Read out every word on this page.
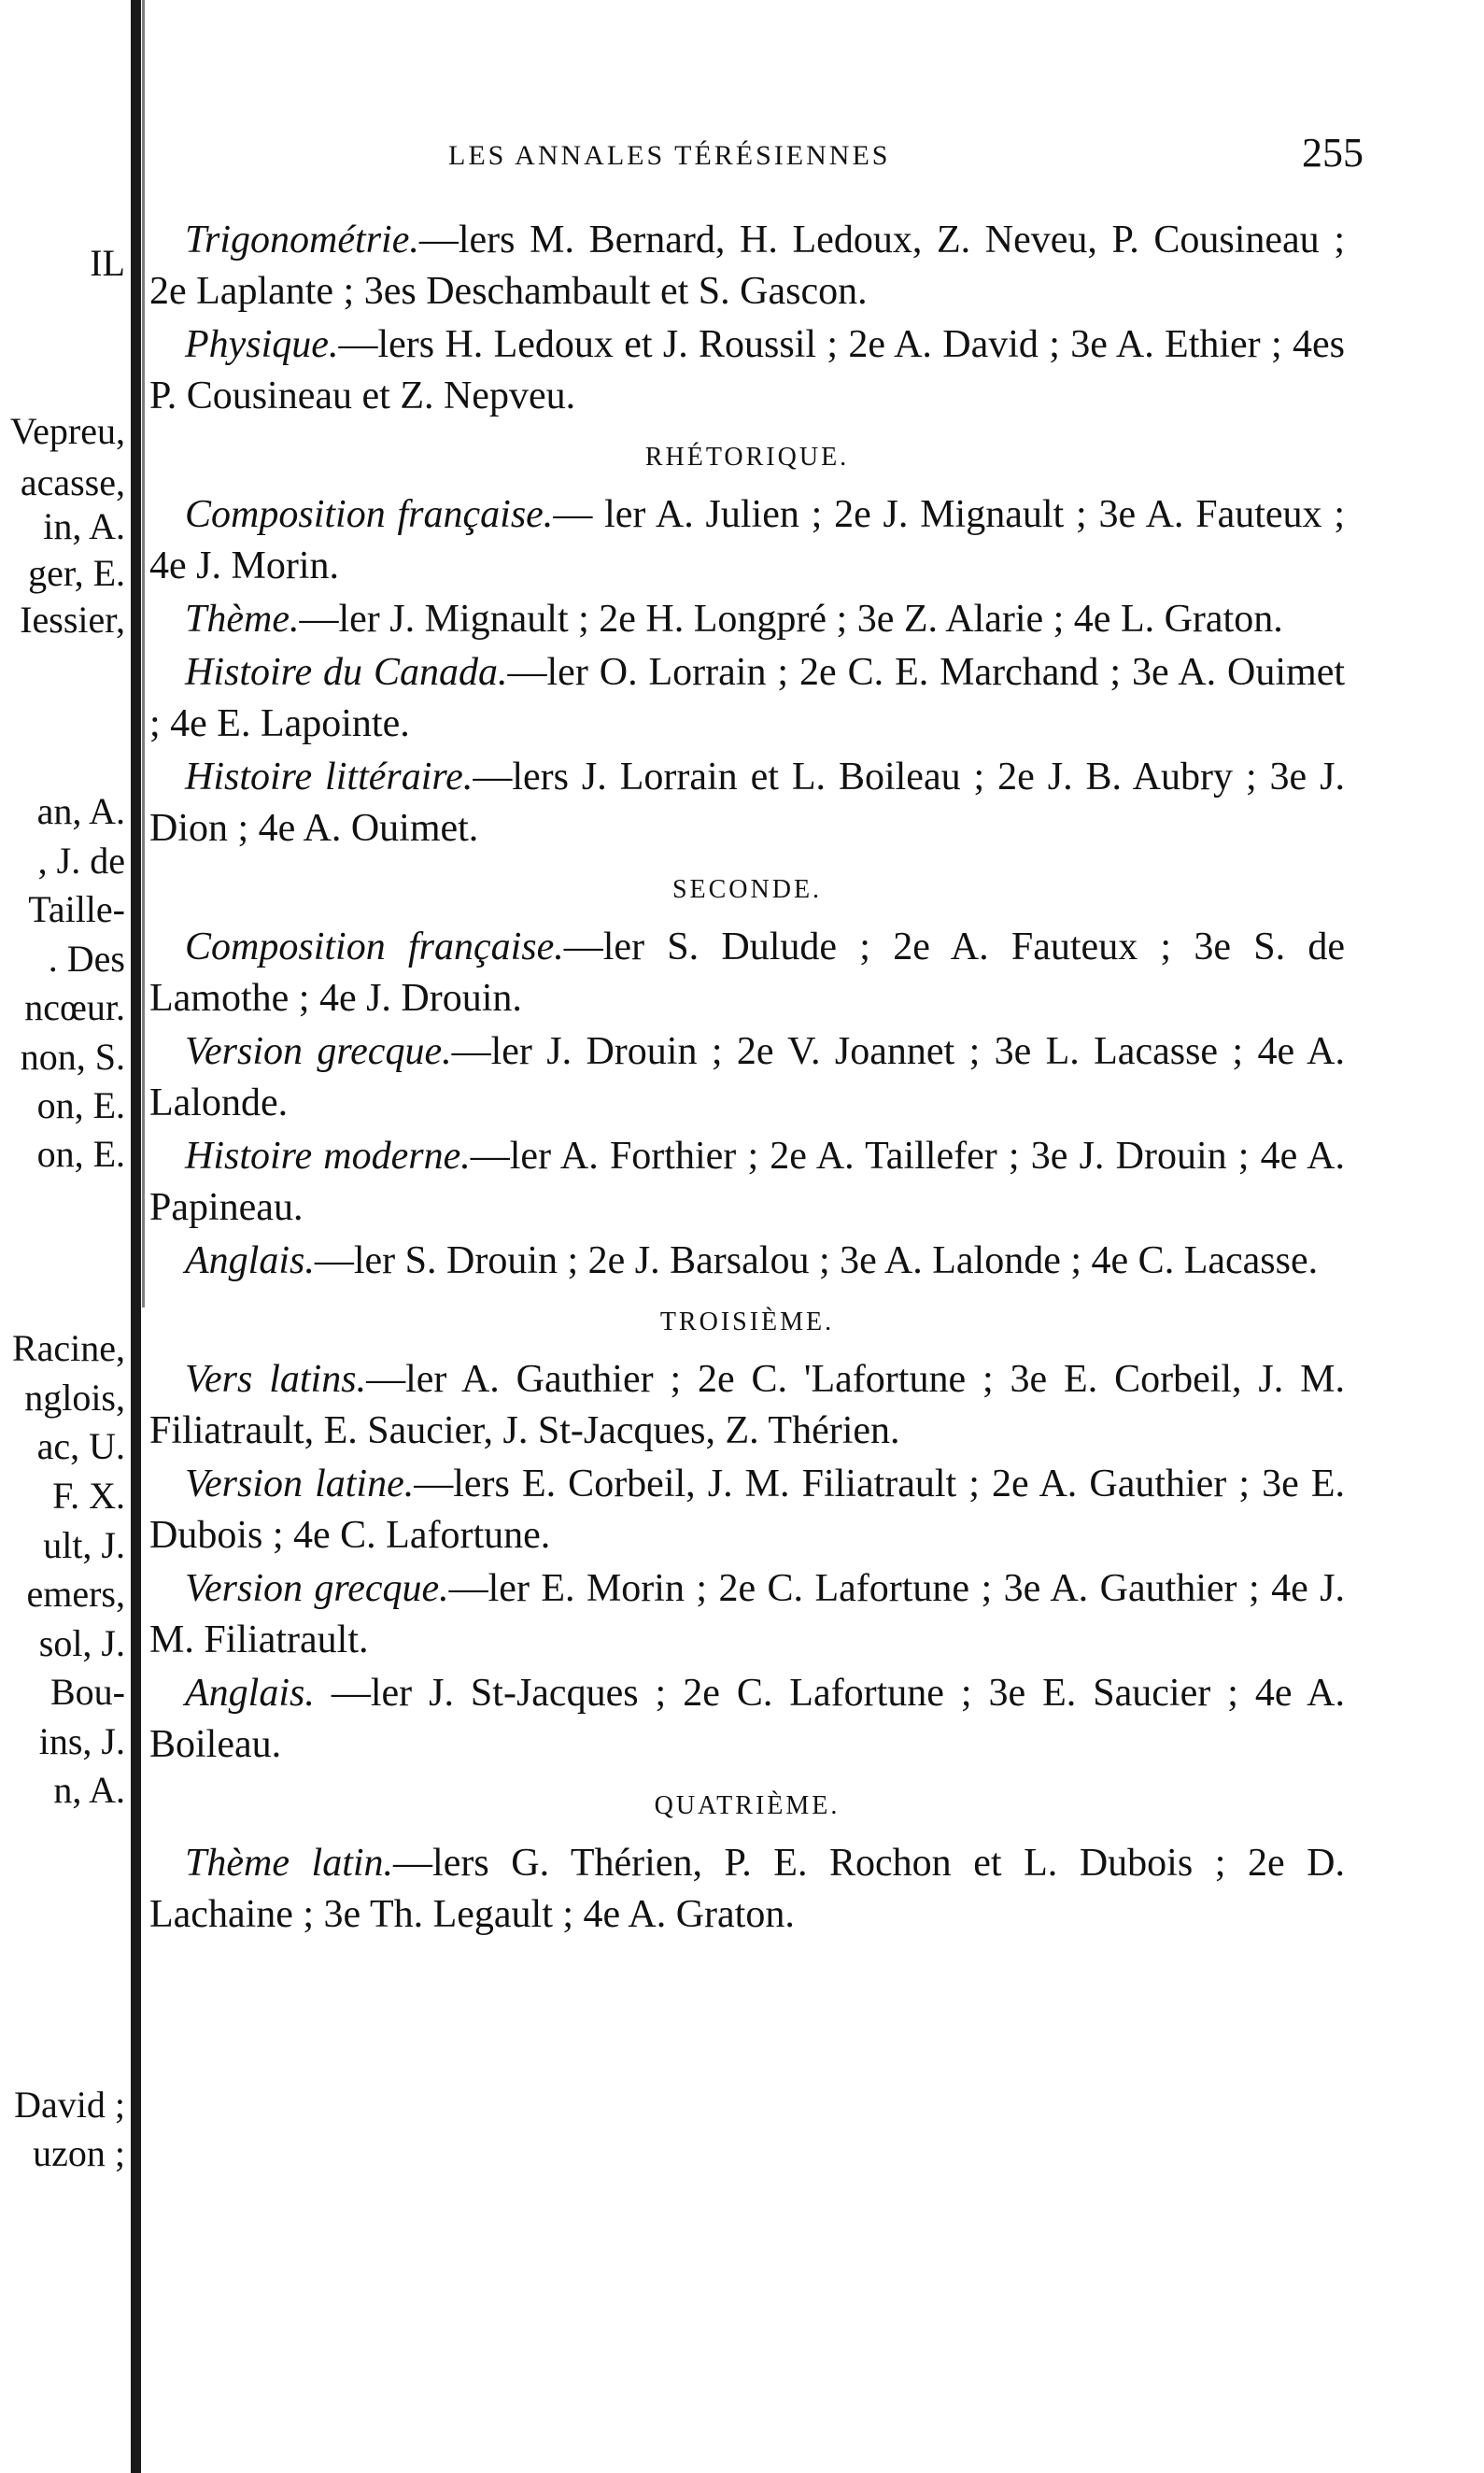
IL
Vepreu,
acasse,
in, A.
ger, E.
Iessier,
an, A.
, J. de
Taille-
. Des
ncœur.
non, S.
on, E.
on, E.
Racine,
nglois,
ac, U.
F. X.
ult, J.
emers,
sol, J.
Bou-
ins, J.
n, A.
David ;
uzon ;
LES ANNALES TÉRÉSIENNES	255

Trigonométrie.—lers M. Bernard, H. Ledoux, Z. Neveu, P. Cousineau ; 2e Laplante ; 3es Deschambault et S. Gascon.

Physique.—lers H. Ledoux et J. Roussil ; 2e A. David ; 3e A. Ethier ; 4es P. Cousineau et Z. Nepveu.

RHÉTORIQUE.

Composition française.— ler A. Julien ; 2e J. Mignault ; 3e A. Fauteux ; 4e J. Morin.

Thème.—ler J. Mignault ; 2e H. Longpré ; 3e Z. Alarie ; 4e L. Graton.

Histoire du Canada.—ler O. Lorrain ; 2e C. E. Marchand ; 3e A. Ouimet ; 4e E. Lapointe.

Histoire littéraire.—lers J. Lorrain et L. Boileau ; 2e J. B. Aubry ; 3e J. Dion ; 4e A. Ouimet.

SECONDE.

Composition française.—ler S. Dulude ; 2e A. Fauteux ; 3e S. de Lamothe ; 4e J. Drouin.

Version grecque.—ler J. Drouin ; 2e V. Joannet ; 3e L. Lacasse ; 4e A. Lalonde.

Histoire moderne.—ler A. Forthier ; 2e A. Taillefer ; 3e J. Drouin ; 4e A. Papineau.

Anglais.—ler S. Drouin ; 2e J. Barsalou ; 3e A. Lalonde ; 4e C. Lacasse.

TROISIÈME.

Vers latins.—ler A. Gauthier ; 2e C. 'Lafortune ; 3e E. Corbeil, J. M. Filiatrault, E. Saucier, J. St-Jacques, Z. Thérien.

Version latine.—lers E. Corbeil, J. M. Filiatrault ; 2e A. Gauthier ; 3e E. Dubois ; 4e C. Lafortune.

Version grecque.—ler E. Morin ; 2e C. Lafortune ; 3e A. Gauthier ; 4e J. M. Filiatrault.

Anglais. —ler J. St-Jacques ; 2e C. Lafortune ; 3e E. Saucier ; 4e A. Boileau.

QUATRIÈME.

Thème latin.—lers G. Thérien, P. E. Rochon et L. Dubois ; 2e D. Lachaine ; 3e Th. Legault ; 4e A. Graton.
